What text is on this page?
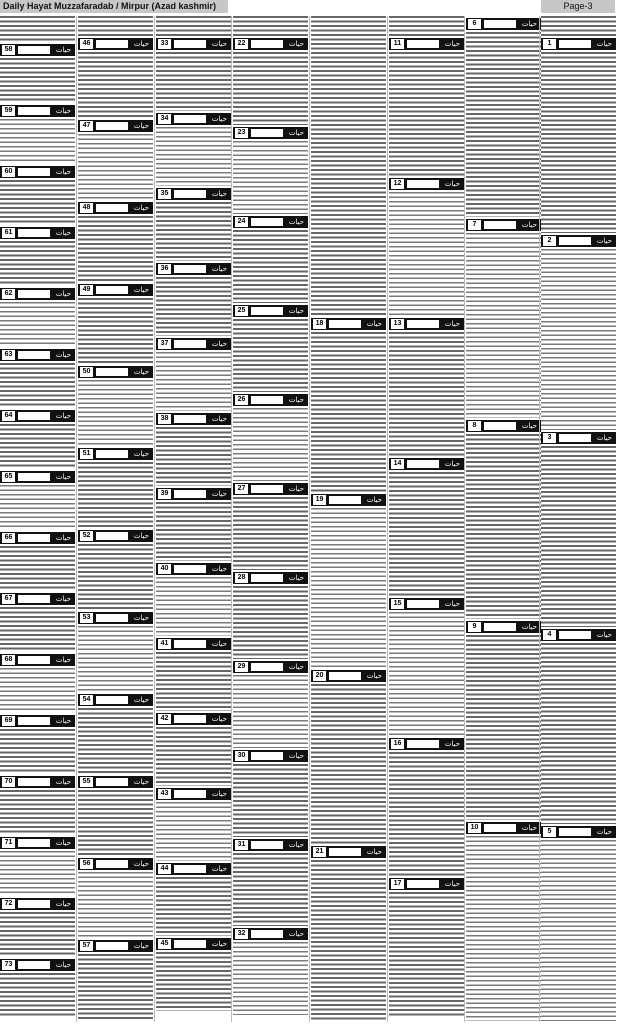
Daily Hayat Muzzafaradab / Mirpur (Azad kashmir)	Page-3
58	حیات
59	حیات
60	حیات
61	حیات
62	حیات
63	حیات
64	حیات
65	حیات
66	حیات
67	حیات
68	حیات
69	حیات
70	حیات
71	حیات
72	حیات
73	حیات
46	حیات
47	حیات
48	حیات
49	حیات
50	حیات
51	حیات
52	حیات
53	حیات
54	حیات
55	حیات
56	حیات
57	حیات
33	حیات
34	حیات
35	حیات
36	حیات
37	حیات
38	حیات
39	حیات
40	حیات
41	حیات
42	حیات
43	حیات
44	حیات
45	حیات
22	حیات
23	حیات
24	حیات
25	حیات
26	حیات
27	حیات
28	حیات
29	حیات
30	حیات
31	حیات
32	حیات
18	حیات
19	حیات
20	حیات
21	حیات
11	حیات
12	حیات
13	حیات
14	حیات
15	حیات
16	حیات
17	حیات
6	حیات
7	حیات
8	حیات
9	حیات
10	حیات
1	حیات
2	حیات
3	حیات
4	حیات
5	حیات
